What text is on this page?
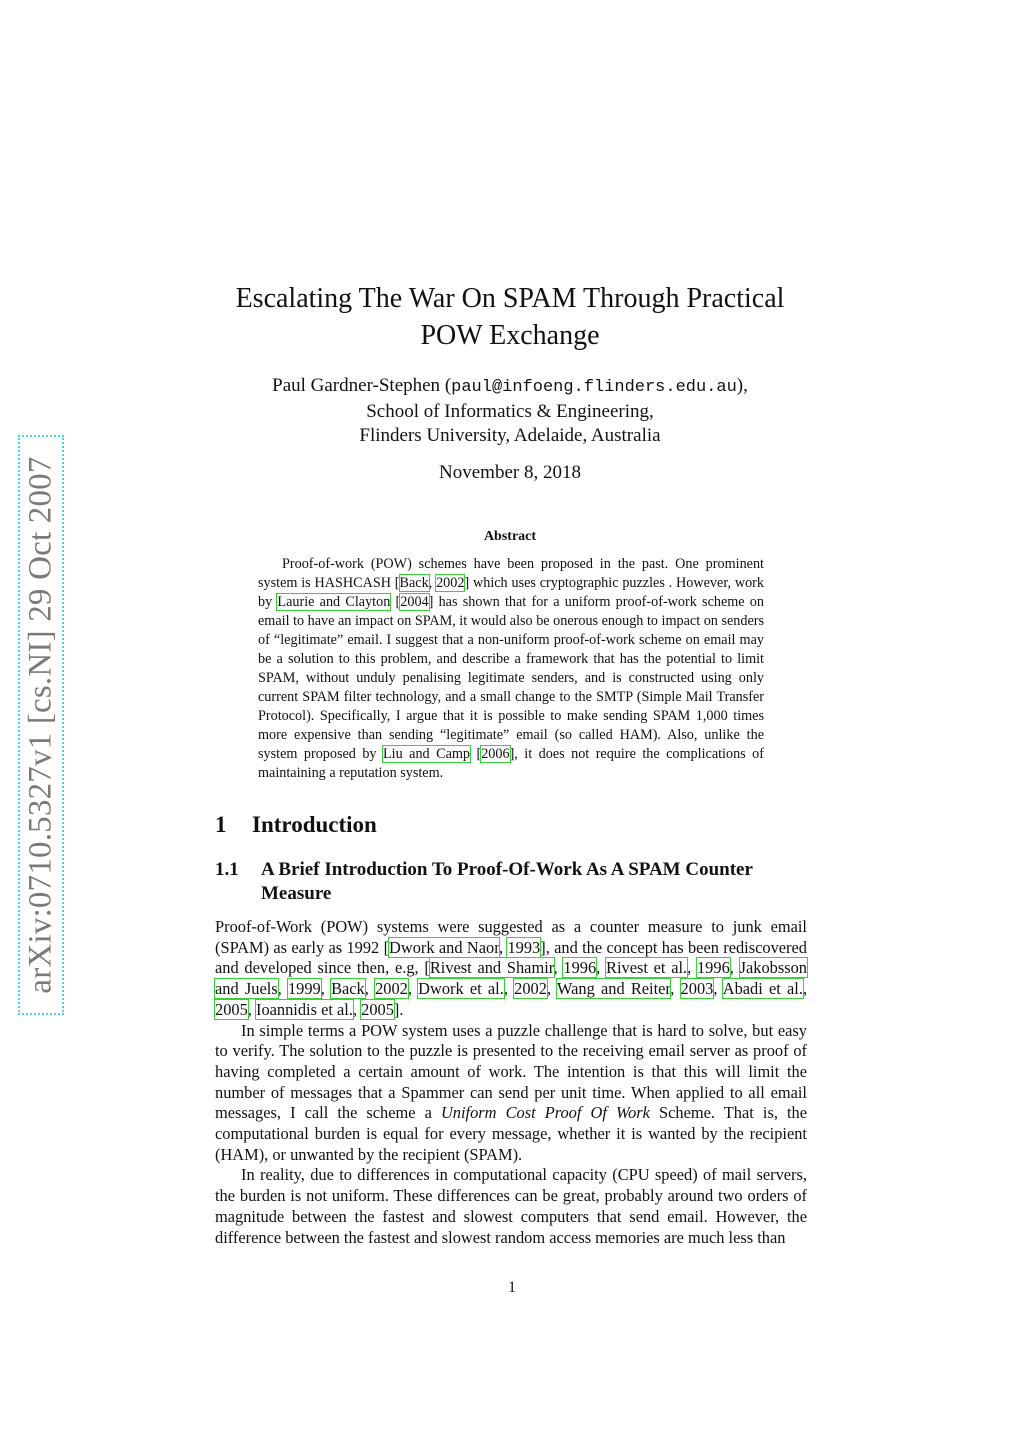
arXiv:0710.5327v1 [cs.NI] 29 Oct 2007
Escalating The War On SPAM Through Practical
POW Exchange
Paul Gardner-Stephen (paul@infoeng.flinders.edu.au),
School of Informatics & Engineering,
Flinders University, Adelaide, Australia
November 8, 2018
Abstract
Proof-of-work (POW) schemes have been proposed in the past. One prominent system is HASHCASH [Back, 2002] which uses cryptographic puzzles . However, work by Laurie and Clayton [2004] has shown that for a uniform proof-of-work scheme on email to have an impact on SPAM, it would also be onerous enough to impact on senders of “legitimate” email. I suggest that a non-uniform proof-of-work scheme on email may be a solution to this problem, and describe a framework that has the potential to limit SPAM, without unduly penalising legitimate senders, and is constructed using only current SPAM filter technology, and a small change to the SMTP (Simple Mail Transfer Protocol). Specifically, I argue that it is possible to make sending SPAM 1,000 times more expensive than sending “legitimate” email (so called HAM). Also, unlike the system proposed by Liu and Camp [2006], it does not require the complications of maintaining a reputation system.
1 Introduction
1.1 A Brief Introduction To Proof-Of-Work As A SPAM Counter Measure

Proof-of-Work (POW) systems were suggested as a counter measure to junk email (SPAM) as early as 1992 [Dwork and Naor, 1993], and the concept has been rediscovered and developed since then, e.g, [Rivest and Shamir, 1996, Rivest et al., 1996, Jakobsson and Juels, 1999, Back, 2002, Dwork et al., 2002, Wang and Reiter, 2003, Abadi et al., 2005, Ioannidis et al., 2005].

In simple terms a POW system uses a puzzle challenge that is hard to solve, but easy to verify. The solution to the puzzle is presented to the receiving email server as proof of having completed a certain amount of work. The intention is that this will limit the number of messages that a Spammer can send per unit time. When applied to all email messages, I call the scheme a Uniform Cost Proof Of Work Scheme. That is, the computational burden is equal for every message, whether it is wanted by the recipient (HAM), or unwanted by the recipient (SPAM).

In reality, due to differences in computational capacity (CPU speed) of mail servers, the burden is not uniform. These differences can be great, probably around two orders of magnitude between the fastest and slowest computers that send email. However, the difference between the fastest and slowest random access memories are much less than

1
